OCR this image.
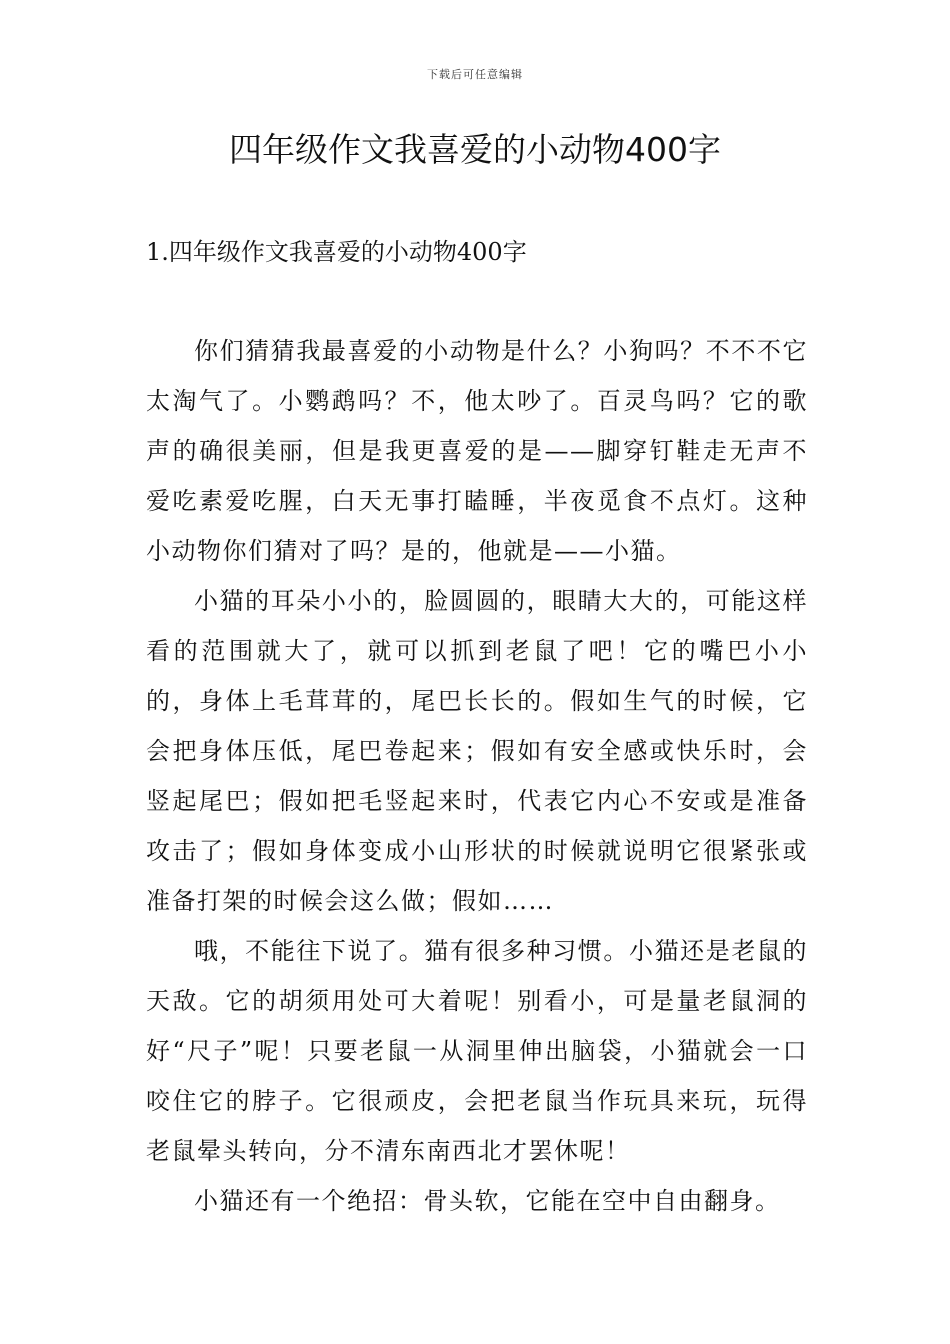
下载后可任意编辑
四年级作文我喜爱的小动物400字
1.四年级作文我喜爱的小动物400字

你们猜猜我最喜爱的小动物是什么？小狗吗？不不不它太淘气了。小鹦鹉吗？不，他太吵了。百灵鸟吗？它的歌声的确很美丽，但是我更喜爱的是——脚穿钉鞋走无声不爱吃素爱吃腥，白天无事打瞌睡，半夜觅食不点灯。这种小动物你们猜对了吗？是的，他就是——小猫。

小猫的耳朵小小的，脸圆圆的，眼睛大大的，可能这样看的范围就大了，就可以抓到老鼠了吧！它的嘴巴小小的，身体上毛茸茸的，尾巴长长的。假如生气的时候，它会把身体压低，尾巴卷起来；假如有安全感或快乐时，会竖起尾巴；假如把毛竖起来时，代表它内心不安或是准备攻击了；假如身体变成小山形状的时候就说明它很紧张或准备打架的时候会这么做；假如……

哦，不能往下说了。猫有很多种习惯。小猫还是老鼠的天敌。它的胡须用处可大着呢！别看小，可是量老鼠洞的好“尺子”呢！只要老鼠一从洞里伸出脑袋，小猫就会一口咬住它的脖子。它很顽皮，会把老鼠当作玩具来玩，玩得老鼠晕头转向，分不清东南西北才罢休呢！

小猫还有一个绝招：骨头软，它能在空中自由翻身。
